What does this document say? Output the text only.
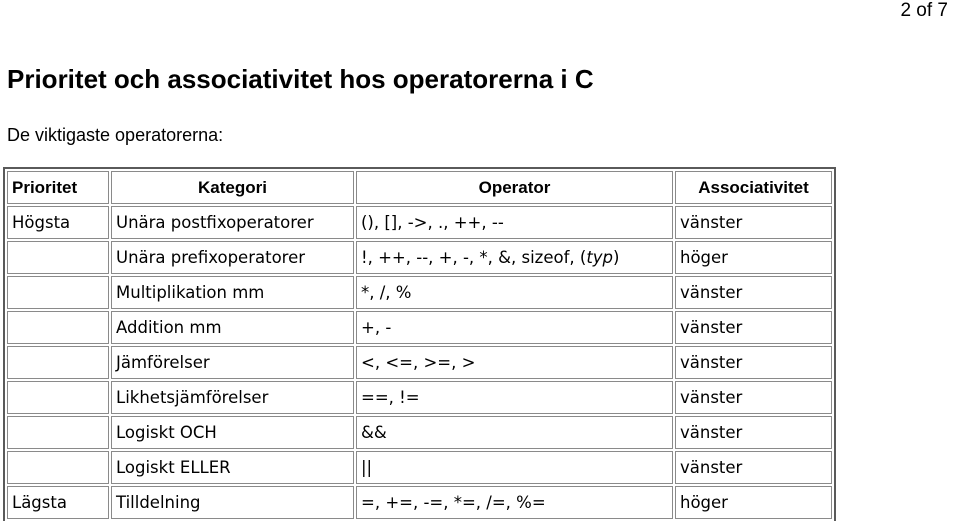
2 of 7
Prioritet och associativitet hos operatorerna i C

De viktigaste operatorerna:

Prioritet	Kategori	Operator	Associativitet
Högsta	Unära postfixoperatorer	(), [], ->, ., ++, --	vänster
	Unära prefixoperatorer	!, ++, --, +, -, *, &, sizeof, (typ)	höger
	Multiplikation mm	*, /, %	vänster
	Addition mm	+, -	vänster
	Jämförelser	<, <=, >=, >	vänster
	Likhetsjämförelser	==, !=	vänster
	Logiskt OCH	&&	vänster
	Logiskt ELLER	||	vänster
Lägsta	Tilldelning	=, +=, -=, *=, /=, %=	höger
